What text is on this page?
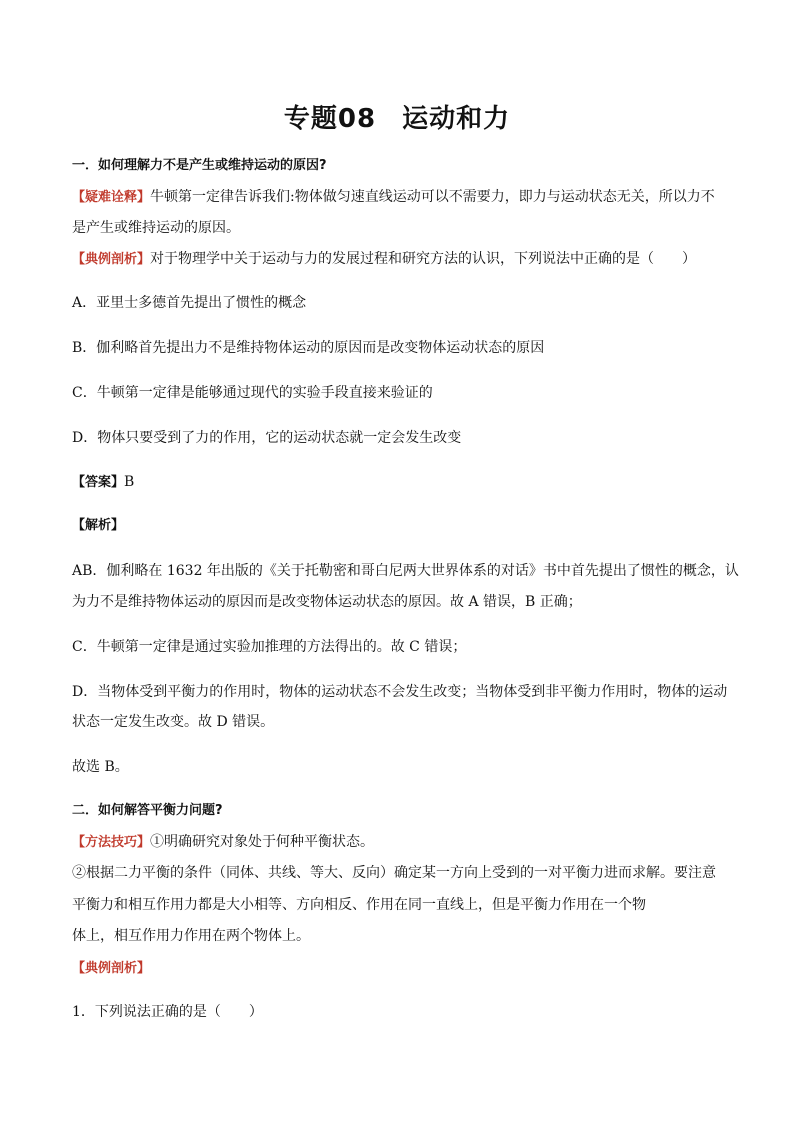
专题08 运动和力
一．如何理解力不是产生或维持运动的原因?
【疑难诠释】牛顿第一定律告诉我们:物体做匀速直线运动可以不需要力，即力与运动状态无关，所以力不
是产生或维持运动的原因。
【典例剖析】对于物理学中关于运动与力的发展过程和研究方法的认识，下列说法中正确的是（　　）
A．亚里士多德首先提出了惯性的概念
B．伽利略首先提出力不是维持物体运动的原因而是改变物体运动状态的原因
C．牛顿第一定律是能够通过现代的实验手段直接来验证的
D．物体只要受到了力的作用，它的运动状态就一定会发生改变
【答案】B
【解析】
AB．伽利略在 1632 年出版的《关于托勒密和哥白尼两大世界体系的对话》书中首先提出了惯性的概念，认
为力不是维持物体运动的原因而是改变物体运动状态的原因。故 A 错误，B 正确；
C．牛顿第一定律是通过实验加推理的方法得出的。故 C 错误；
D．当物体受到平衡力的作用时，物体的运动状态不会发生改变；当物体受到非平衡力作用时，物体的运动
状态一定发生改变。故 D 错误。
故选 B。
二．如何解答平衡力问题?
【方法技巧】①明确研究对象处于何种平衡状态。
②根据二力平衡的条件（同体、共线、等大、反向）确定某一方向上受到的一对平衡力进而求解。要注意
平衡力和相互作用力都是大小相等、方向相反、作用在同一直线上，但是平衡力作用在一个物
体上，相互作用力作用在两个物体上。
【典例剖析】
1．下列说法正确的是（　　）
